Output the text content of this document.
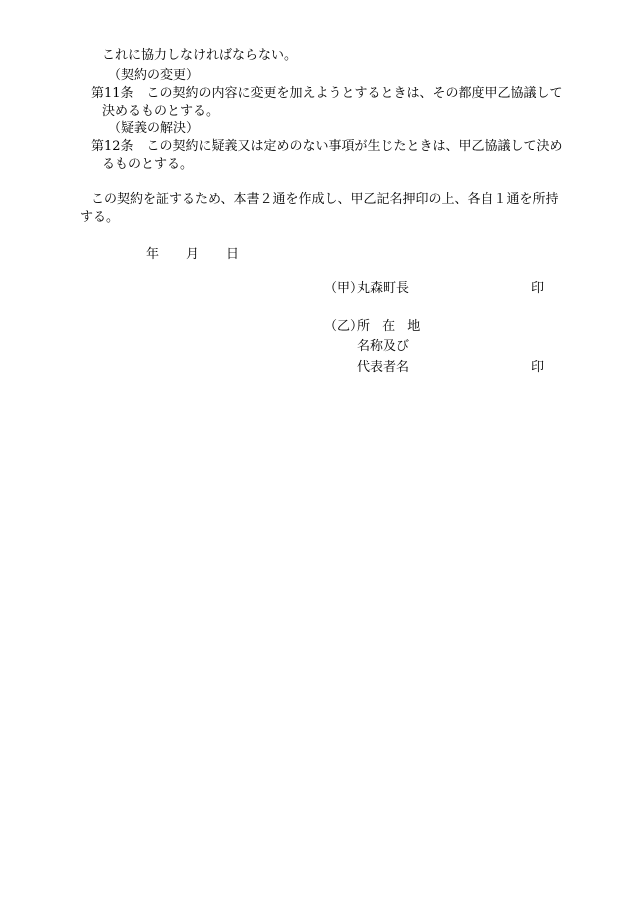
これに協力しなければならない。
（契約の変更）
第11条　この契約の内容に変更を加えようとするときは、その都度甲乙協議して
決めるものとする。
（疑義の解決）
第12条　この契約に疑義又は定めのない事項が生じたときは、甲乙協議して決め
るものとする。
この契約を証するため、本書２通を作成し、甲乙記名押印の上、各自１通を所持
する。
年 月 日
（甲）
丸森町長	印
（乙）
所 在 地
名称及び
代表者名	印
